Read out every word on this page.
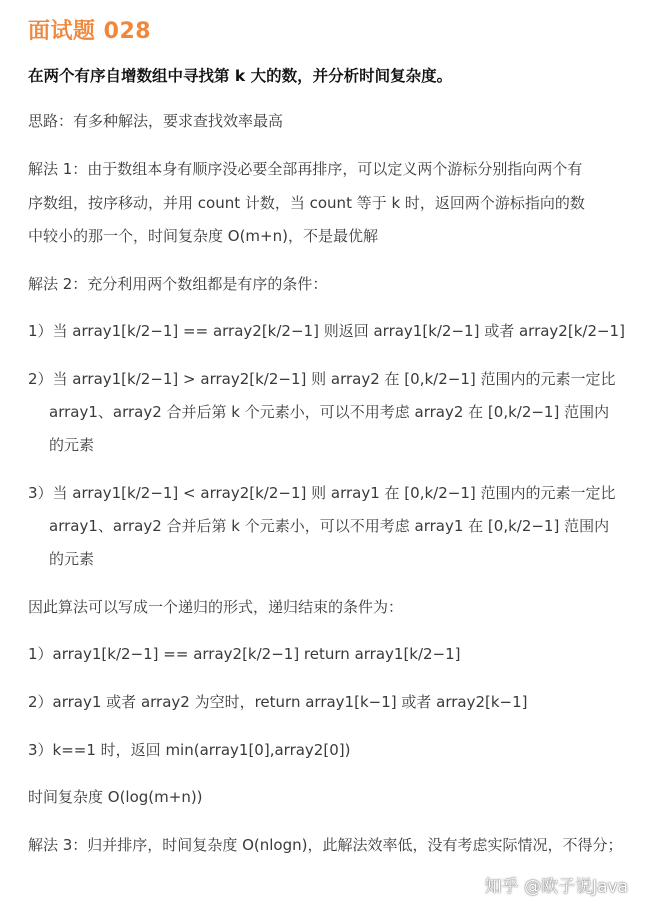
面试题 028
在两个有序自增数组中寻找第 k 大的数，并分析时间复杂度。
思路：有多种解法，要求查找效率最高
解法 1：由于数组本身有顺序没必要全部再排序，可以定义两个游标分别指向两个有
序数组，按序移动，并用 count 计数，当 count 等于 k 时，返回两个游标指向的数
中较小的那一个，时间复杂度 O(m+n)，不是最优解
解法 2：充分利用两个数组都是有序的条件：
1）当 array1[k/2−1] == array2[k/2−1] 则返回 array1[k/2−1] 或者 array2[k/2−1]
2）当 array1[k/2−1] > array2[k/2−1] 则 array2 在 [0,k/2−1] 范围内的元素一定比
array1、array2 合并后第 k 个元素小，可以不用考虑 array2 在 [0,k/2−1] 范围内
的元素
3）当 array1[k/2−1] < array2[k/2−1] 则 array1 在 [0,k/2−1] 范围内的元素一定比
array1、array2 合并后第 k 个元素小，可以不用考虑 array1 在 [0,k/2−1] 范围内
的元素
因此算法可以写成一个递归的形式，递归结束的条件为：
1）array1[k/2−1] == array2[k/2−1] return array1[k/2−1]
2）array1 或者 array2 为空时，return array1[k−1] 或者 array2[k−1]
3）k==1 时，返回 min(array1[0],array2[0])
时间复杂度 O(log(m+n))
解法 3：归并排序，时间复杂度 O(nlogn)，此解法效率低，没有考虑实际情况，不得分；
知乎 @欧子说Java
